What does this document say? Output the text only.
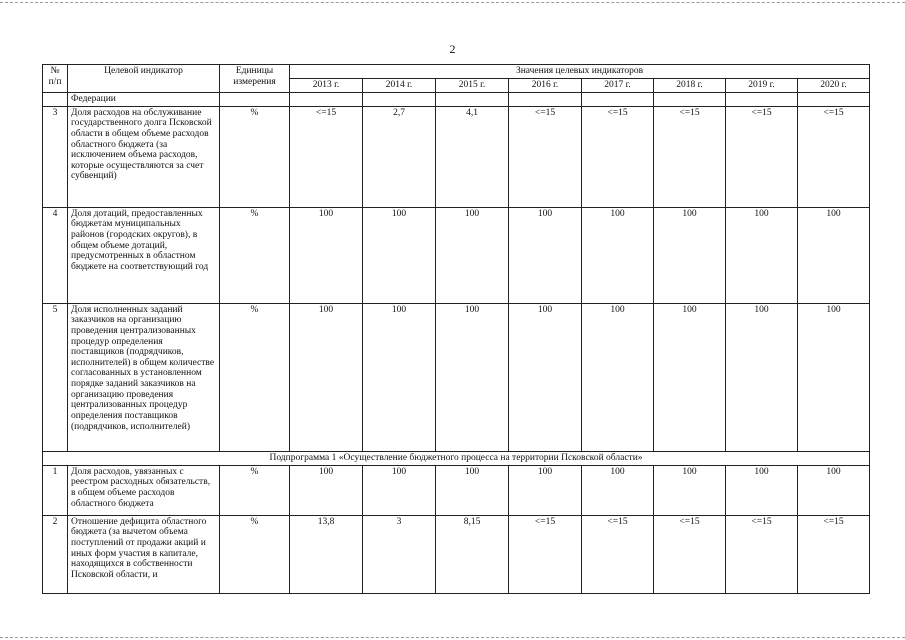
2
№ п/п	Целевой индикатор	Единицы измерения	Значения целевых индикаторов							
			2013 г.	2014 г.	2015 г.	2016 г.	2017 г.	2018 г.	2019 г.	2020 г.
	Федерации									
3	Доля расходов на обслуживание государственного долга Псковской области в общем объеме расходов областного бюджета (за исключением объема расходов, которые осуществляются за счет субвенций)	%	<=15	2,7	4,1	<=15	<=15	<=15	<=15	<=15
4	Доля дотаций, предоставленных бюджетам муниципальных районов (городских округов), в общем объеме дотаций, предусмотренных в областном бюджете на соответствующий год	%	100	100	100	100	100	100	100	100
5	Доля исполненных заданий заказчиков на организацию проведения централизованных процедур определения поставщиков (подрядчиков, исполнителей) в общем количестве согласованных в установленном порядке заданий заказчиков на организацию проведения централизованных процедур определения поставщиков (подрядчиков, исполнителей)	%	100	100	100	100	100	100	100	100
Подпрограмма 1 «Осуществление бюджетного процесса на территории Псковской области»										
1	Доля расходов, увязанных с реестром расходных обязательств, в общем объеме расходов областного бюджета	%	100	100	100	100	100	100	100	100
2	Отношение дефицита областного бюджета (за вычетом объема поступлений от продажи акций и иных форм участия в капитале, находящихся в собственности Псковской области, и	%	13,8	3	8,15	<=15	<=15	<=15	<=15	<=15
